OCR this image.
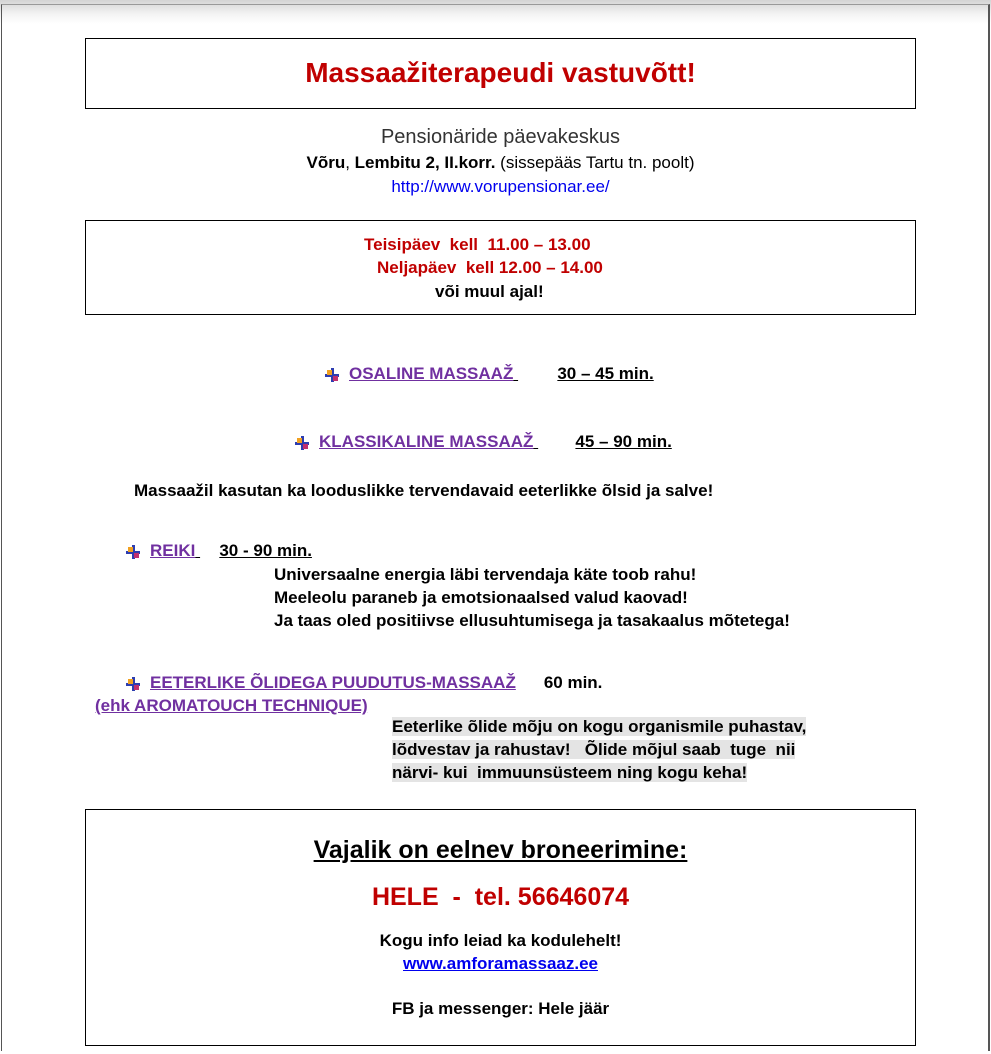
Massaažiterapeudi vastuvõtt!
Pensionäride päevakeskus
Võru, Lembitu 2, II.korr. (sissepääs Tartu tn. poolt)
http://www.vorupensionar.ee/
Teisipäev  kell  11.00 – 13.00
Neljapäev  kell 12.00 – 14.00
või muul ajal!
OSALINE MASSAAŽ	30 – 45 min.
KLASSIKALINE MASSAAŽ 45 – 90 min.
Massaažil kasutan ka looduslikke tervendavaid eeterlikke õlsid ja salve!
REIKI 30 - 90 min.
Universaalne energia läbi tervendaja käte toob rahu!
Meeleolu paraneb ja emotsionaalsed valud kaovad!
Ja taas oled positiivse ellusuhtumisega ja tasakaalus mõtetega!
EETERLIKE ÕLIDEGA PUUDUTUS-MASSAAŽ 60 min.
(ehk AROMATOUCH TECHNIQUE)
Eeterlike õlide mõju on kogu organismile puhastav,
lõdvestav ja rahustav!   Õlide mõjul saab  tuge  nii
närvi- kui  immuunsüsteem ning kogu keha!
Vajalik on eelnev broneerimine:
HELE  -  tel. 56646074
Kogu info leiad ka kodulehelt!
www.amforamassaaz.ee
FB ja messenger: Hele jäär
